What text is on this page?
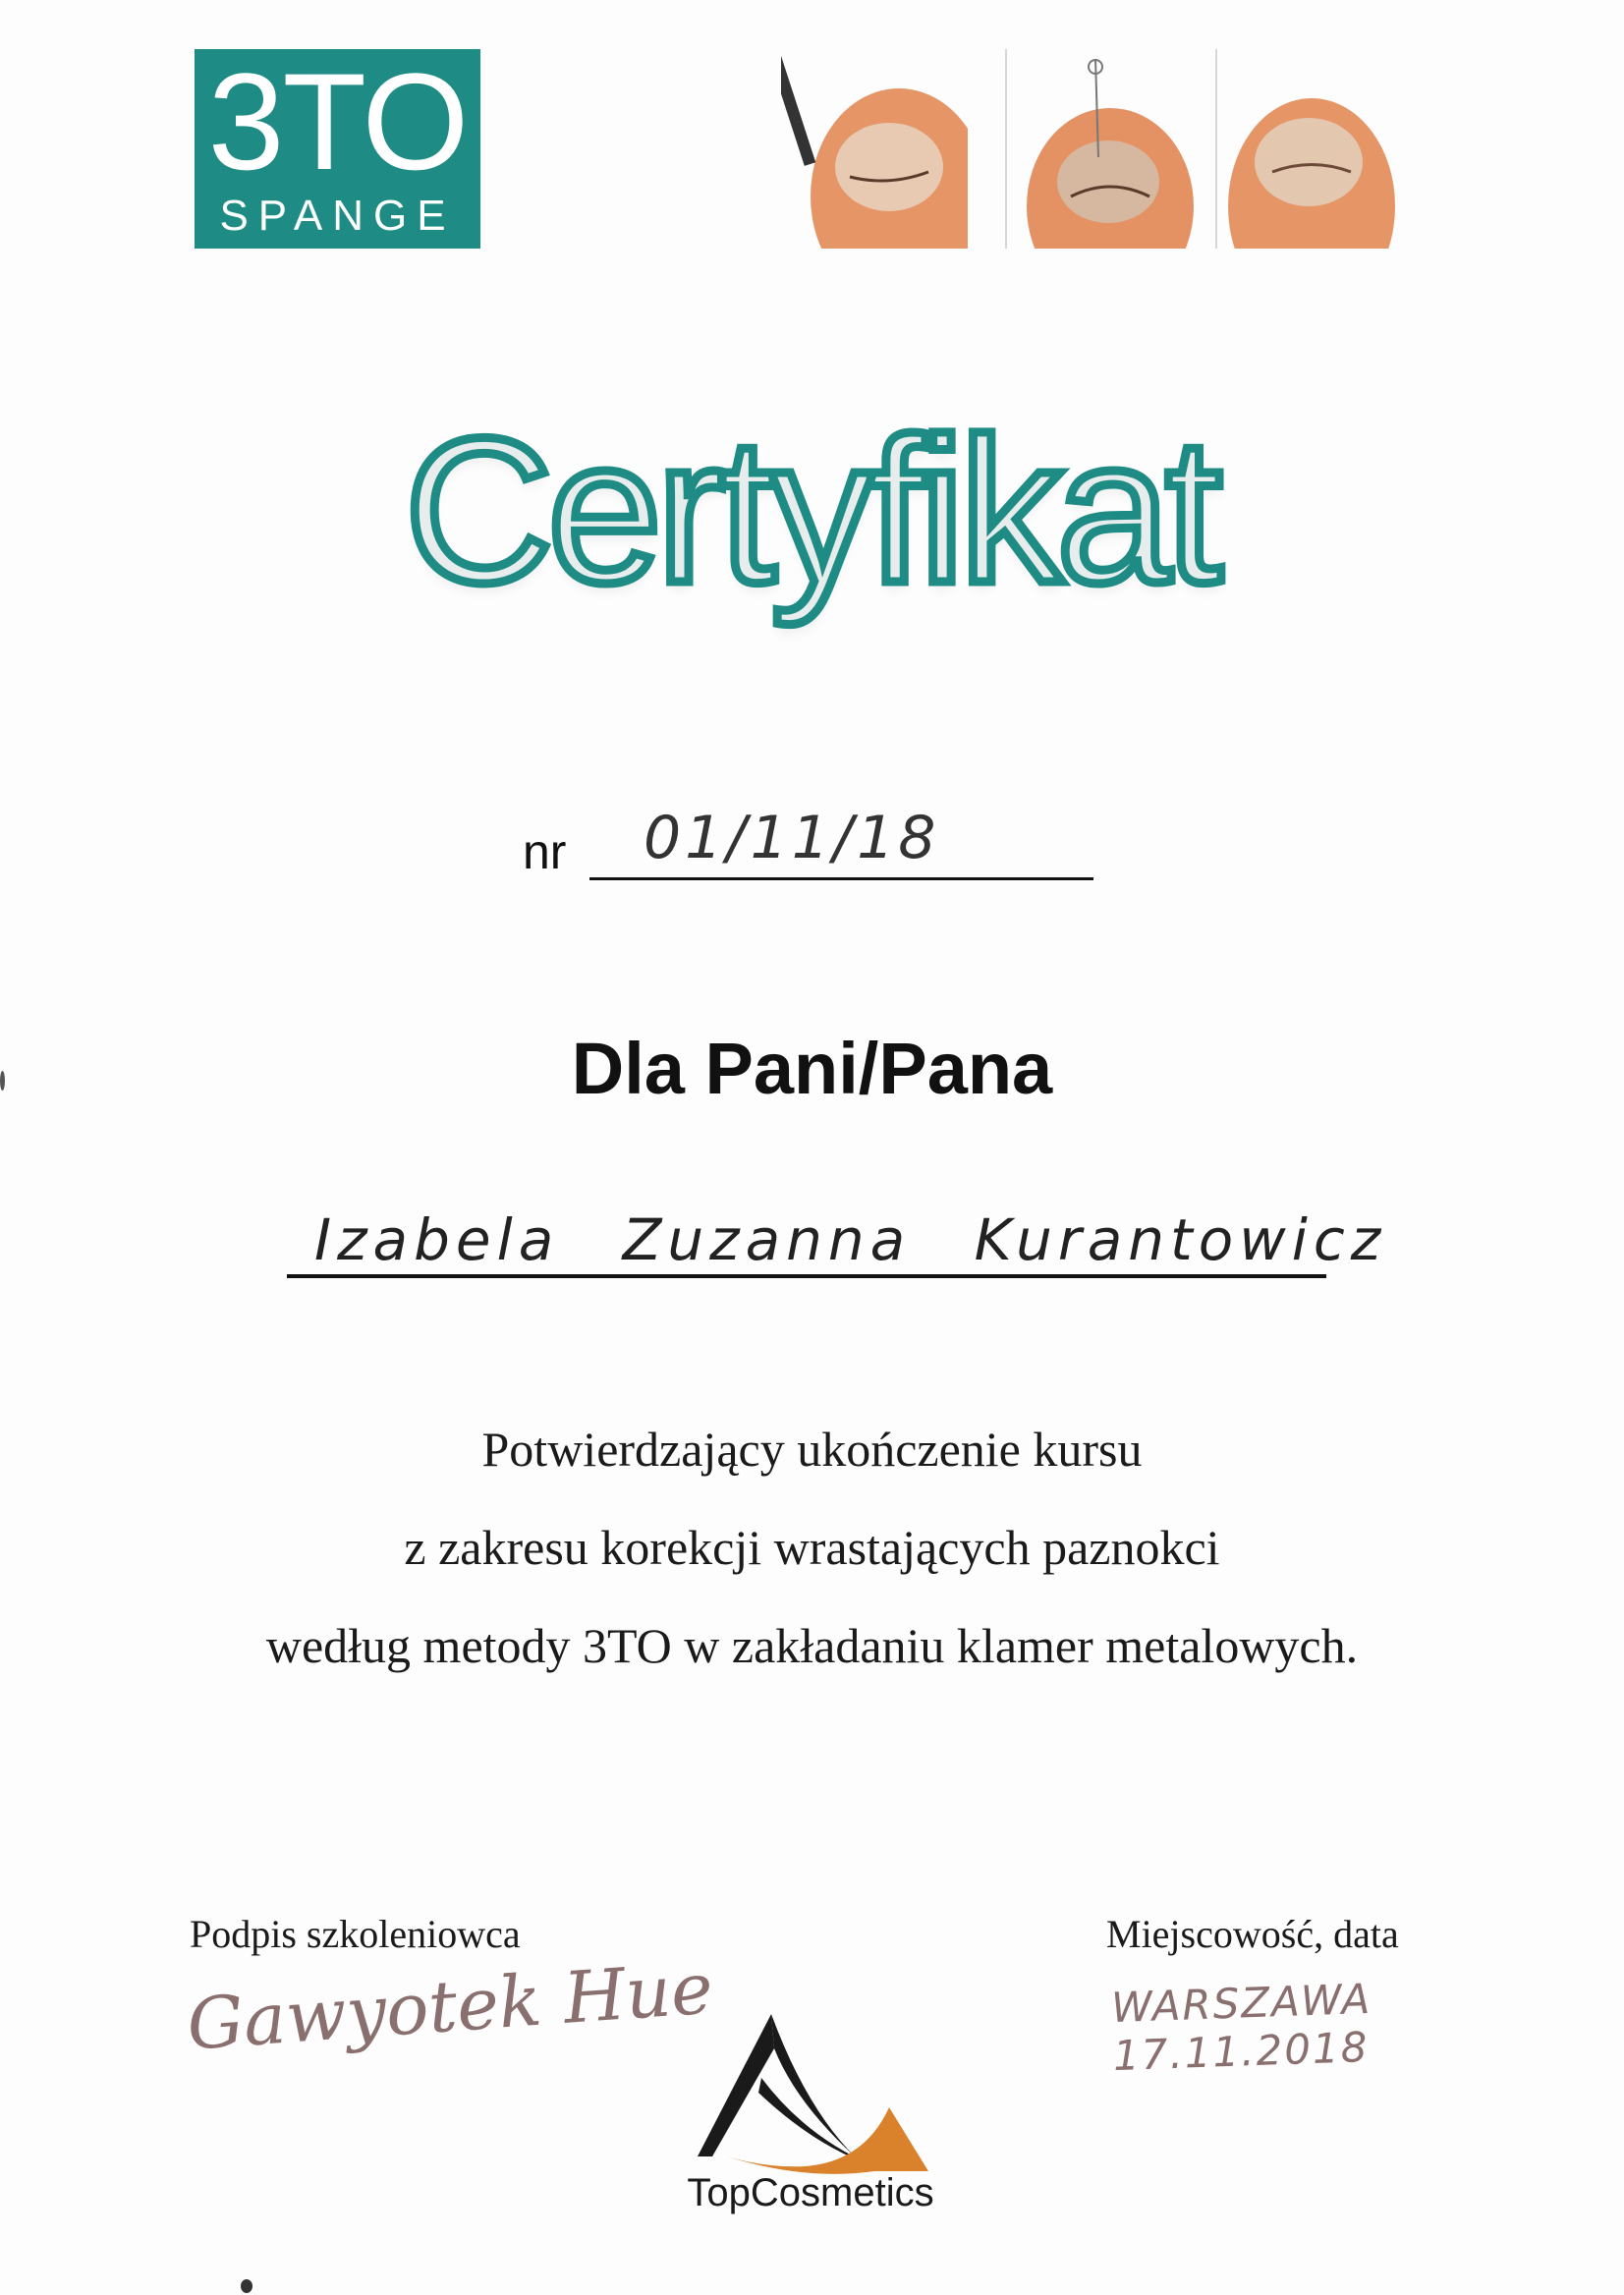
3TO
SPANGE
Certyfikat
nr 01/11/18
Dla Pani/Pana
Izabela Zuzanna Kurantowicz
Potwierdzający ukończenie kursu
z zakresu korekcji wrastających paznokci
według metody 3TO w zakładaniu klamer metalowych.
Podpis szkoleniowca
Gawyotek Hue
Miejscowość, data
WARSZAWA 17.11.2018
TopCosmetics
